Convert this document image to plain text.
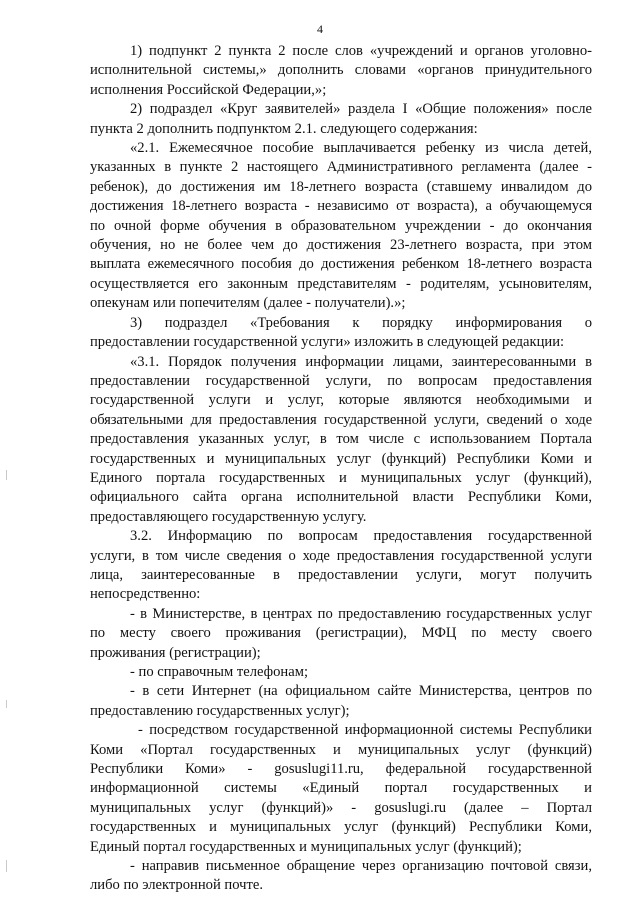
4
1) подпункт 2 пункта 2 после слов «учреждений и органов уголовно-
исполнительной системы,» дополнить словами «органов принудительного
исполнения Российской Федерации,»;
2) подраздел «Круг заявителей» раздела I «Общие положения» после
пункта 2 дополнить подпунктом 2.1. следующего содержания:
«2.1. Ежемесячное пособие выплачивается ребенку из числа детей,
указанных в пункте 2 настоящего Административного регламента (далее -
ребенок), до достижения им 18-летнего возраста (ставшему инвалидом до
достижения 18-летнего возраста - независимо от возраста), а обучающемуся
по очной форме обучения в образовательном учреждении - до окончания
обучения, но не более чем до достижения 23-летнего возраста, при этом
выплата ежемесячного пособия до достижения ребенком 18-летнего возраста
осуществляется его законным представителям - родителям, усыновителям,
опекунам или попечителям (далее - получатели).»;
3) подраздел «Требования к порядку информирования о
предоставлении государственной услуги» изложить в следующей редакции:
«3.1. Порядок получения информации лицами, заинтересованными в
предоставлении государственной услуги, по вопросам предоставления
государственной услуги и услуг, которые являются необходимыми и
обязательными для предоставления государственной услуги, сведений о ходе
предоставления указанных услуг, в том числе с использованием Портала
государственных и муниципальных услуг (функций) Республики Коми и
Единого портала государственных и муниципальных услуг (функций),
официального сайта органа исполнительной власти Республики Коми,
предоставляющего государственную услугу.
3.2. Информацию по вопросам предоставления государственной
услуги, в том числе сведения о ходе предоставления государственной услуги
лица, заинтересованные в предоставлении услуги, могут получить
непосредственно:
- в Министерстве, в центрах по предоставлению государственных услуг
по месту своего проживания (регистрации), МФЦ по месту своего
проживания (регистрации);
- по справочным телефонам;
- в сети Интернет (на официальном сайте Министерства, центров по
предоставлению государственных услуг);
- посредством государственной информационной системы Республики
Коми «Портал государственных и муниципальных услуг (функций)
Республики Коми» - gosuslugi11.ru, федеральной государственной
информационной системы «Единый портал государственных и
муниципальных услуг (функций)» - gosuslugi.ru (далее – Портал
государственных и муниципальных услуг (функций) Республики Коми,
Единый портал государственных и муниципальных услуг (функций);
- направив письменное обращение через организацию почтовой связи,
либо по электронной почте.
